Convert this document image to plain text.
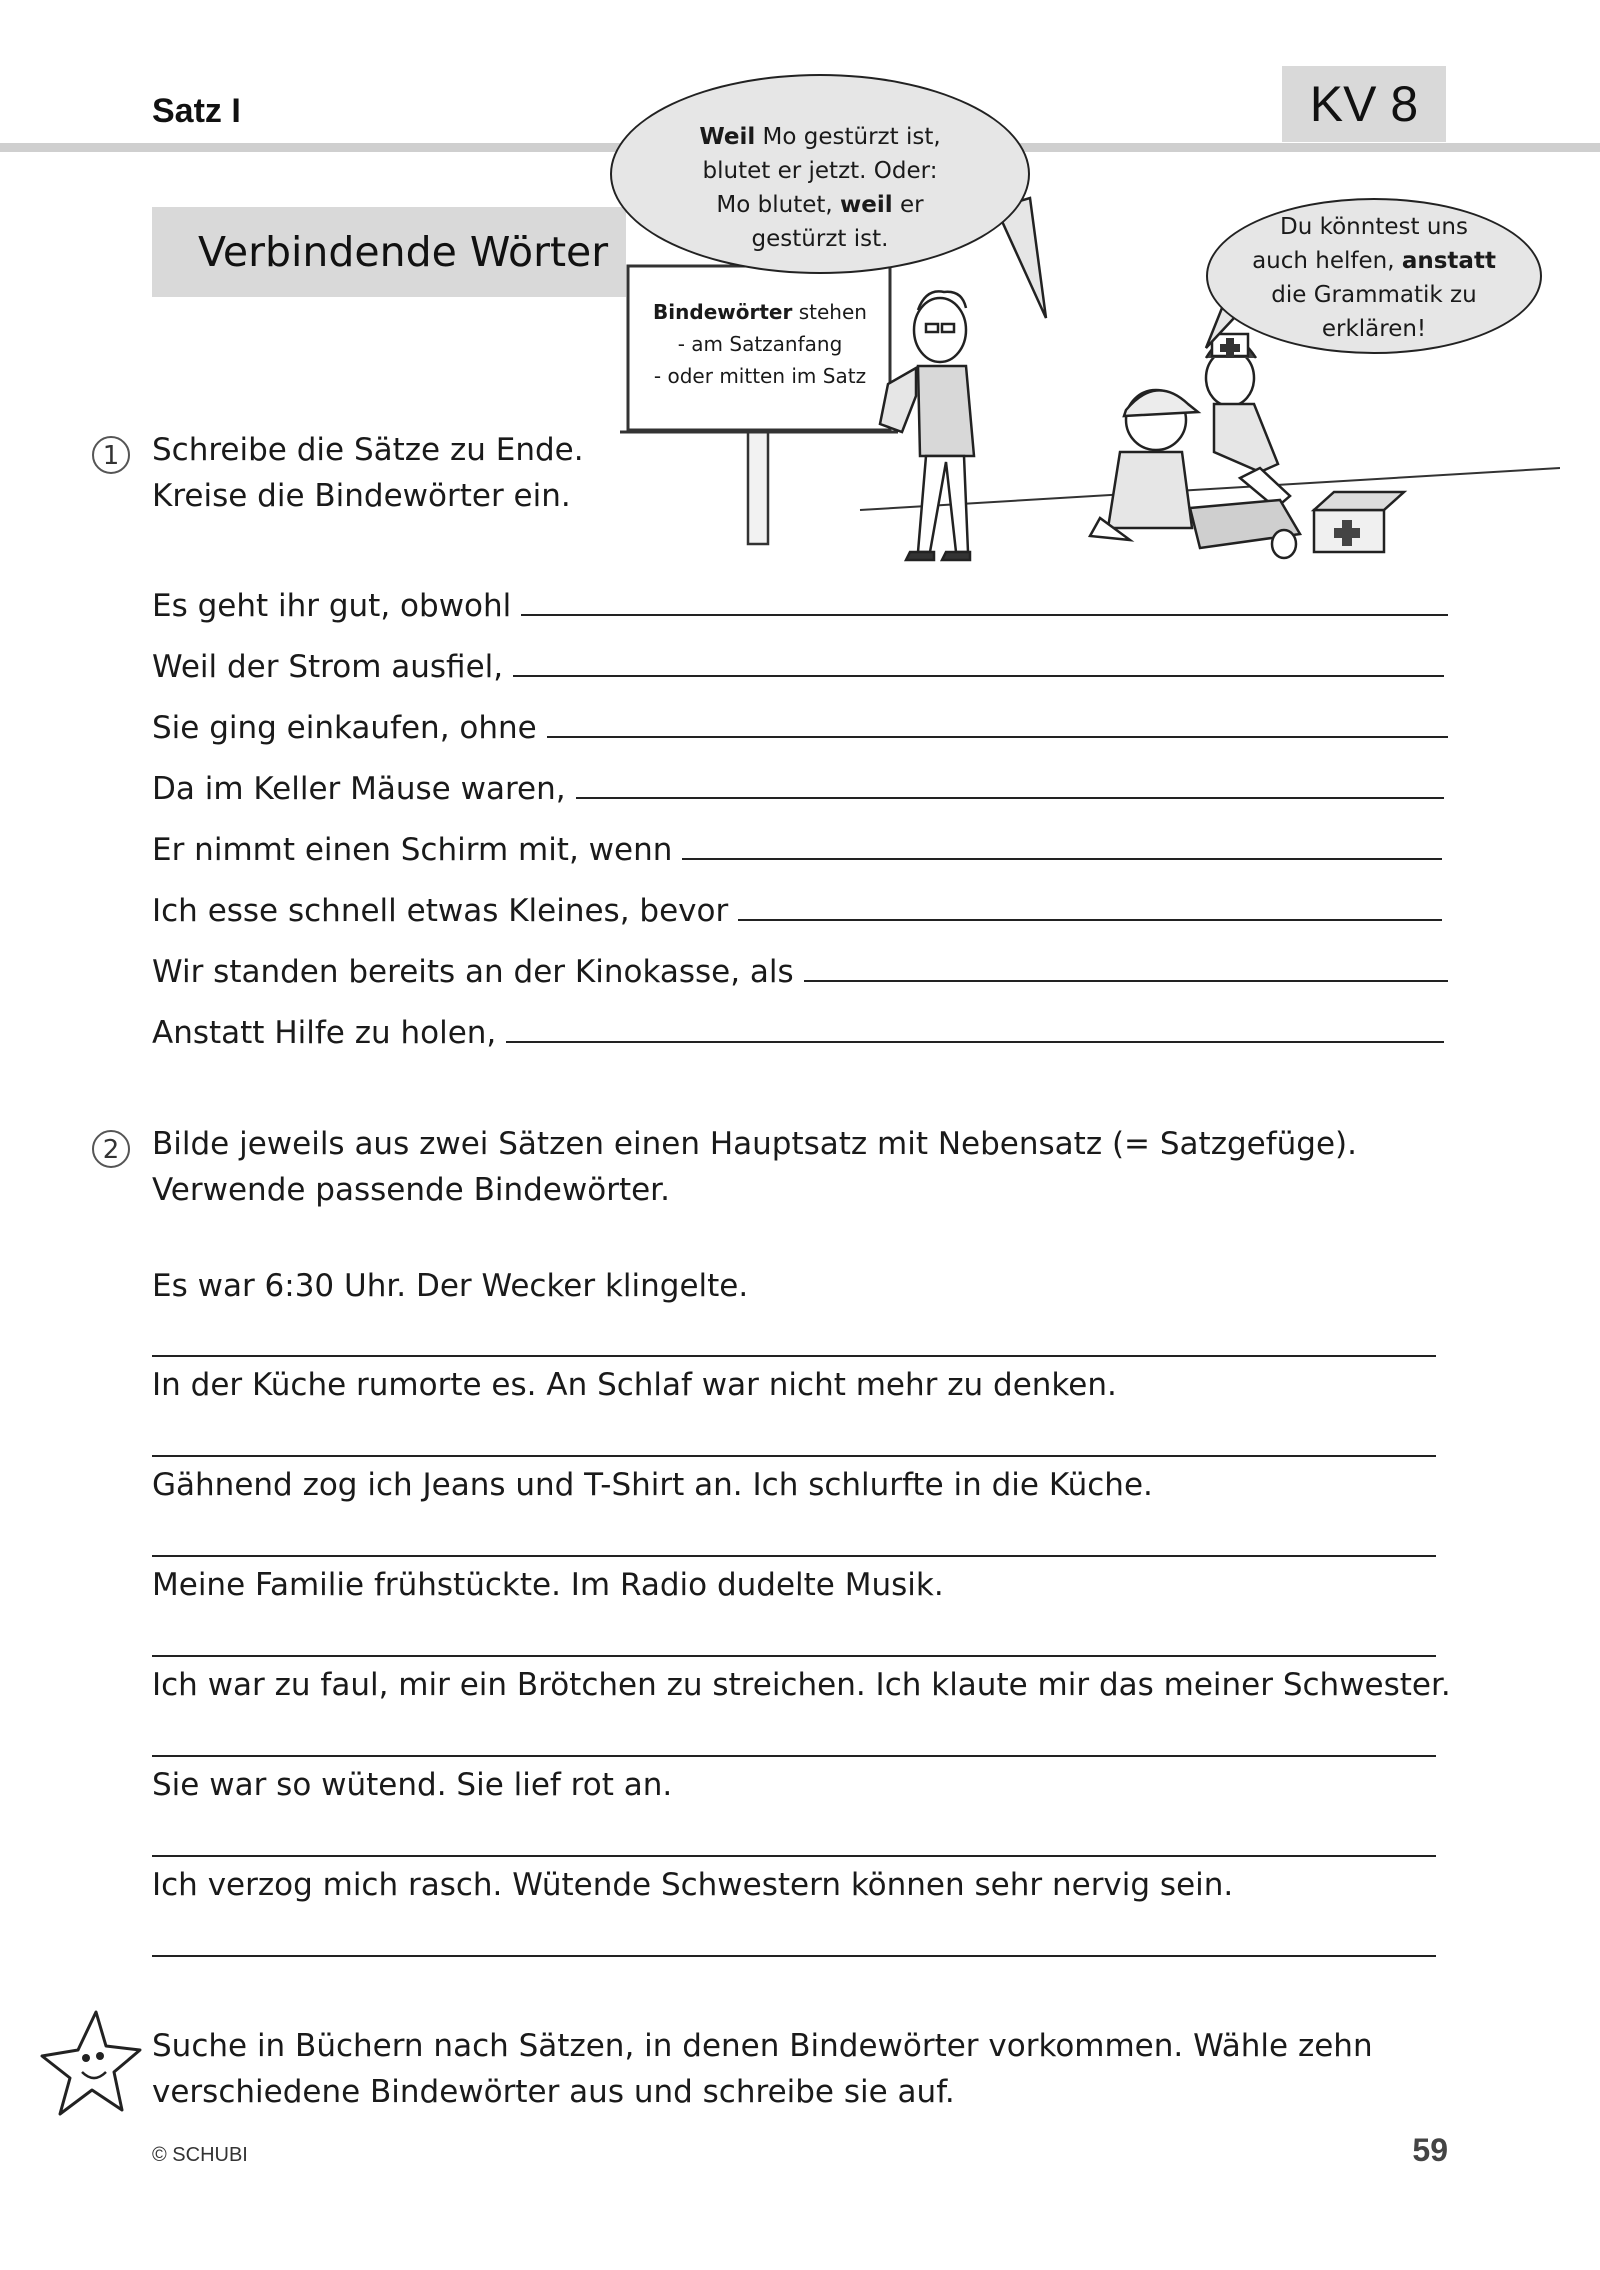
Satz I	KV 8
Verbindende Wörter
Bindewörter stehen
- am Satzanfang
- oder mitten im Satz
Weil Mo gestürzt ist,
blutet er jetzt. Oder:
Mo blutet, weil er
gestürzt ist.	Du könntest uns
auch helfen, anstatt
die Grammatik zu
erklären!
1	Schreibe die Sätze zu Ende.
Kreise die Bindewörter ein.
Es geht ihr gut, obwohl
Weil der Strom ausfiel,
Sie ging einkaufen, ohne
Da im Keller Mäuse waren,
Er nimmt einen Schirm mit, wenn
Ich esse schnell etwas Kleines, bevor
Wir standen bereits an der Kinokasse, als
Anstatt Hilfe zu holen,
2	Bilde jeweils aus zwei Sätzen einen Hauptsatz mit Nebensatz (= Satzgefüge).
Verwende passende Bindewörter.
Es war 6:30 Uhr. Der Wecker klingelte.
In der Küche rumorte es. An Schlaf war nicht mehr zu denken.
Gähnend zog ich Jeans und T-Shirt an. Ich schlurfte in die Küche.
Meine Familie frühstückte. Im Radio dudelte Musik.
Ich war zu faul, mir ein Brötchen zu streichen. Ich klaute mir das meiner Schwester.
Sie war so wütend. Sie lief rot an.
Ich verzog mich rasch. Wütende Schwestern können sehr nervig sein.
Suche in Büchern nach Sätzen, in denen Bindewörter vorkommen. Wähle zehn
verschiedene Bindewörter aus und schreibe sie auf.
© SCHUBI	59
